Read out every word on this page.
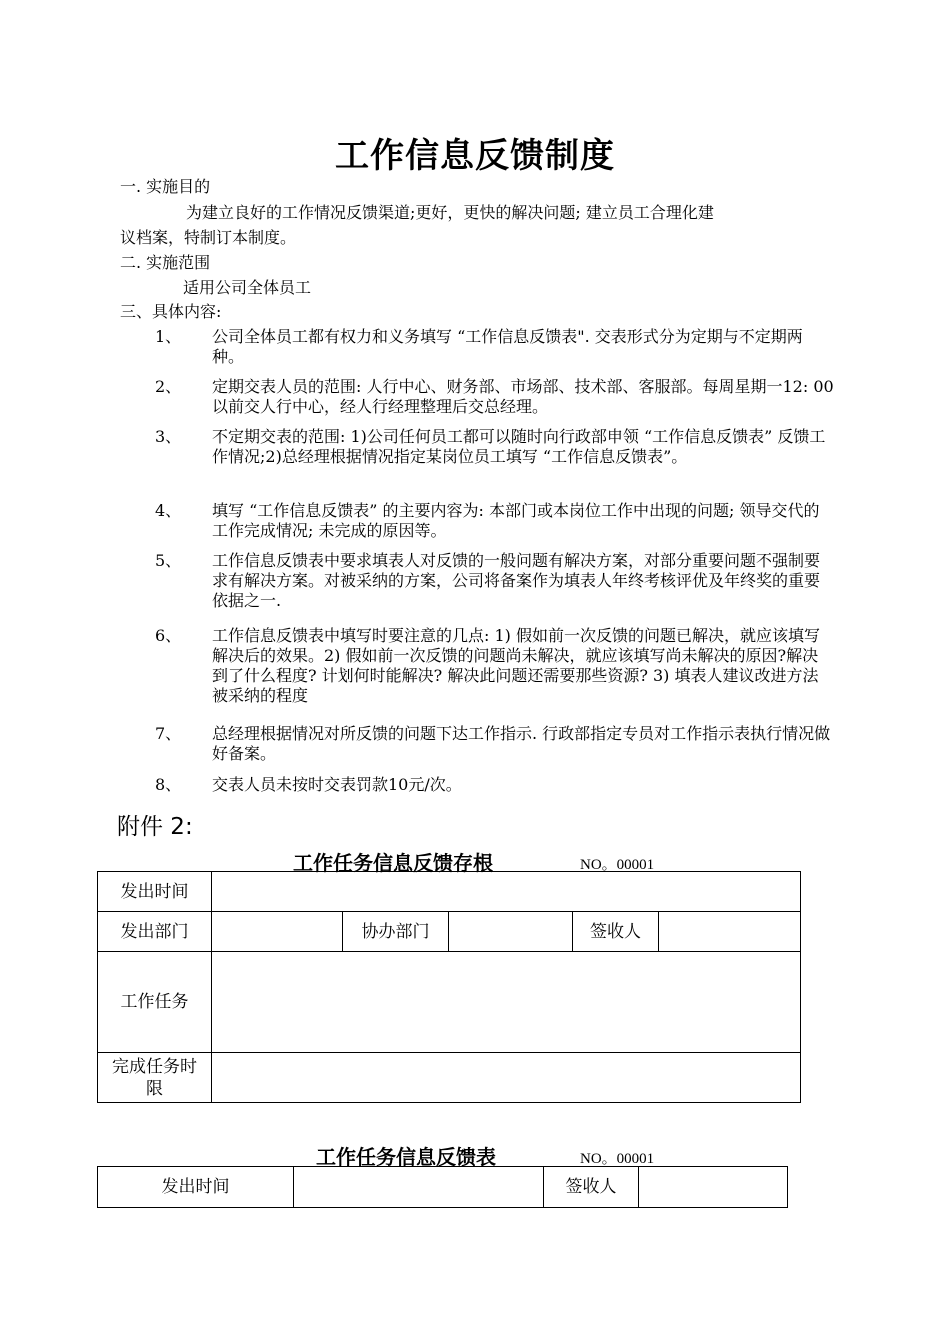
工作信息反馈制度
一. 实施目的
为建立良好的工作情况反馈渠道;更好，更快的解决问题; 建立员工合理化建
议档案，特制订本制度。
二. 实施范围
适用公司全体员工
三、具体内容:
1、 公司全体员工都有权力和义务填写 “工作信息反馈表". 交表形式分为定期与不定期两种。
2、 定期交表人员的范围: 人行中心、财务部、市场部、技术部、客服部。每周星期一12: 00以前交人行中心，经人行经理整理后交总经理。
3、 不定期交表的范围: 1)公司任何员工都可以随时向行政部申领 “工作信息反馈表” 反馈工作情况;2)总经理根据情况指定某岗位员工填写 “工作信息反馈表”。
4、 填写 “工作信息反馈表” 的主要内容为: 本部门或本岗位工作中出现的问题; 领导交代的工作完成情况; 未完成的原因等。
5、 工作信息反馈表中要求填表人对反馈的一般问题有解决方案，对部分重要问题不强制要求有解决方案。对被采纳的方案，公司将备案作为填表人年终考核评优及年终奖的重要依据之一.
6、 工作信息反馈表中填写时要注意的几点: 1) 假如前一次反馈的问题已解决，就应该填写解决后的效果。2) 假如前一次反馈的问题尚未解决，就应该填写尚未解决的原因?解决到了什么程度? 计划何时能解决? 解决此问题还需要那些资源? 3) 填表人建议改进方法被采纳的程度
7、 总经理根据情况对所反馈的问题下达工作指示. 行政部指定专员对工作指示表执行情况做好备案。
8、 交表人员未按时交表罚款10元/次。
附件 2:
工作任务信息反馈存根	NO。00001
发出时间					
发出部门		协办部门		签收人	
工作任务					
完成任务时限					
工作任务信息反馈表	NO。00001
发出时间		签收人	
